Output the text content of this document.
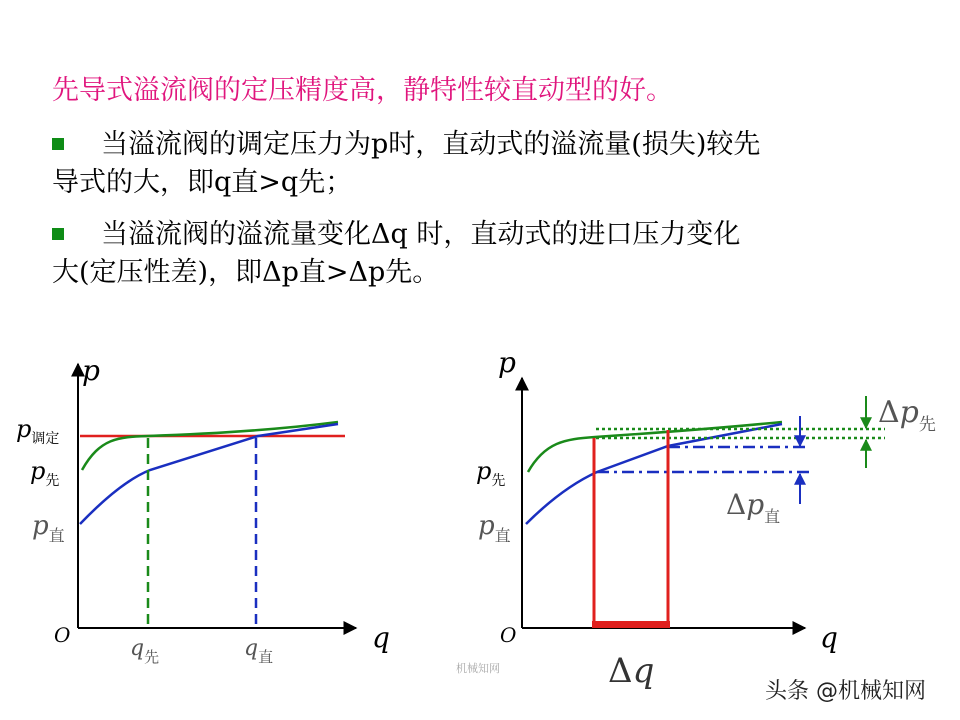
先导式溢流阀的定压精度高，静特性较直动型的好。
当溢流阀的调定压力为p时，直动式的溢流量(损失)较先
导式的大，即q直>q先；
当溢流阀的溢流量变化Δq 时，直动式的进口压力变化
大(定压性差)，即Δp直>Δp先。
p
q
O
$p_{调定}$
$p_先$
$p_直$
$q_先$	$q_直$
p
q
O
$p_先$
$p_直$
$\Delta p_先$
$\Delta p_直$
Δq
机械知网
头条 @机械知网
